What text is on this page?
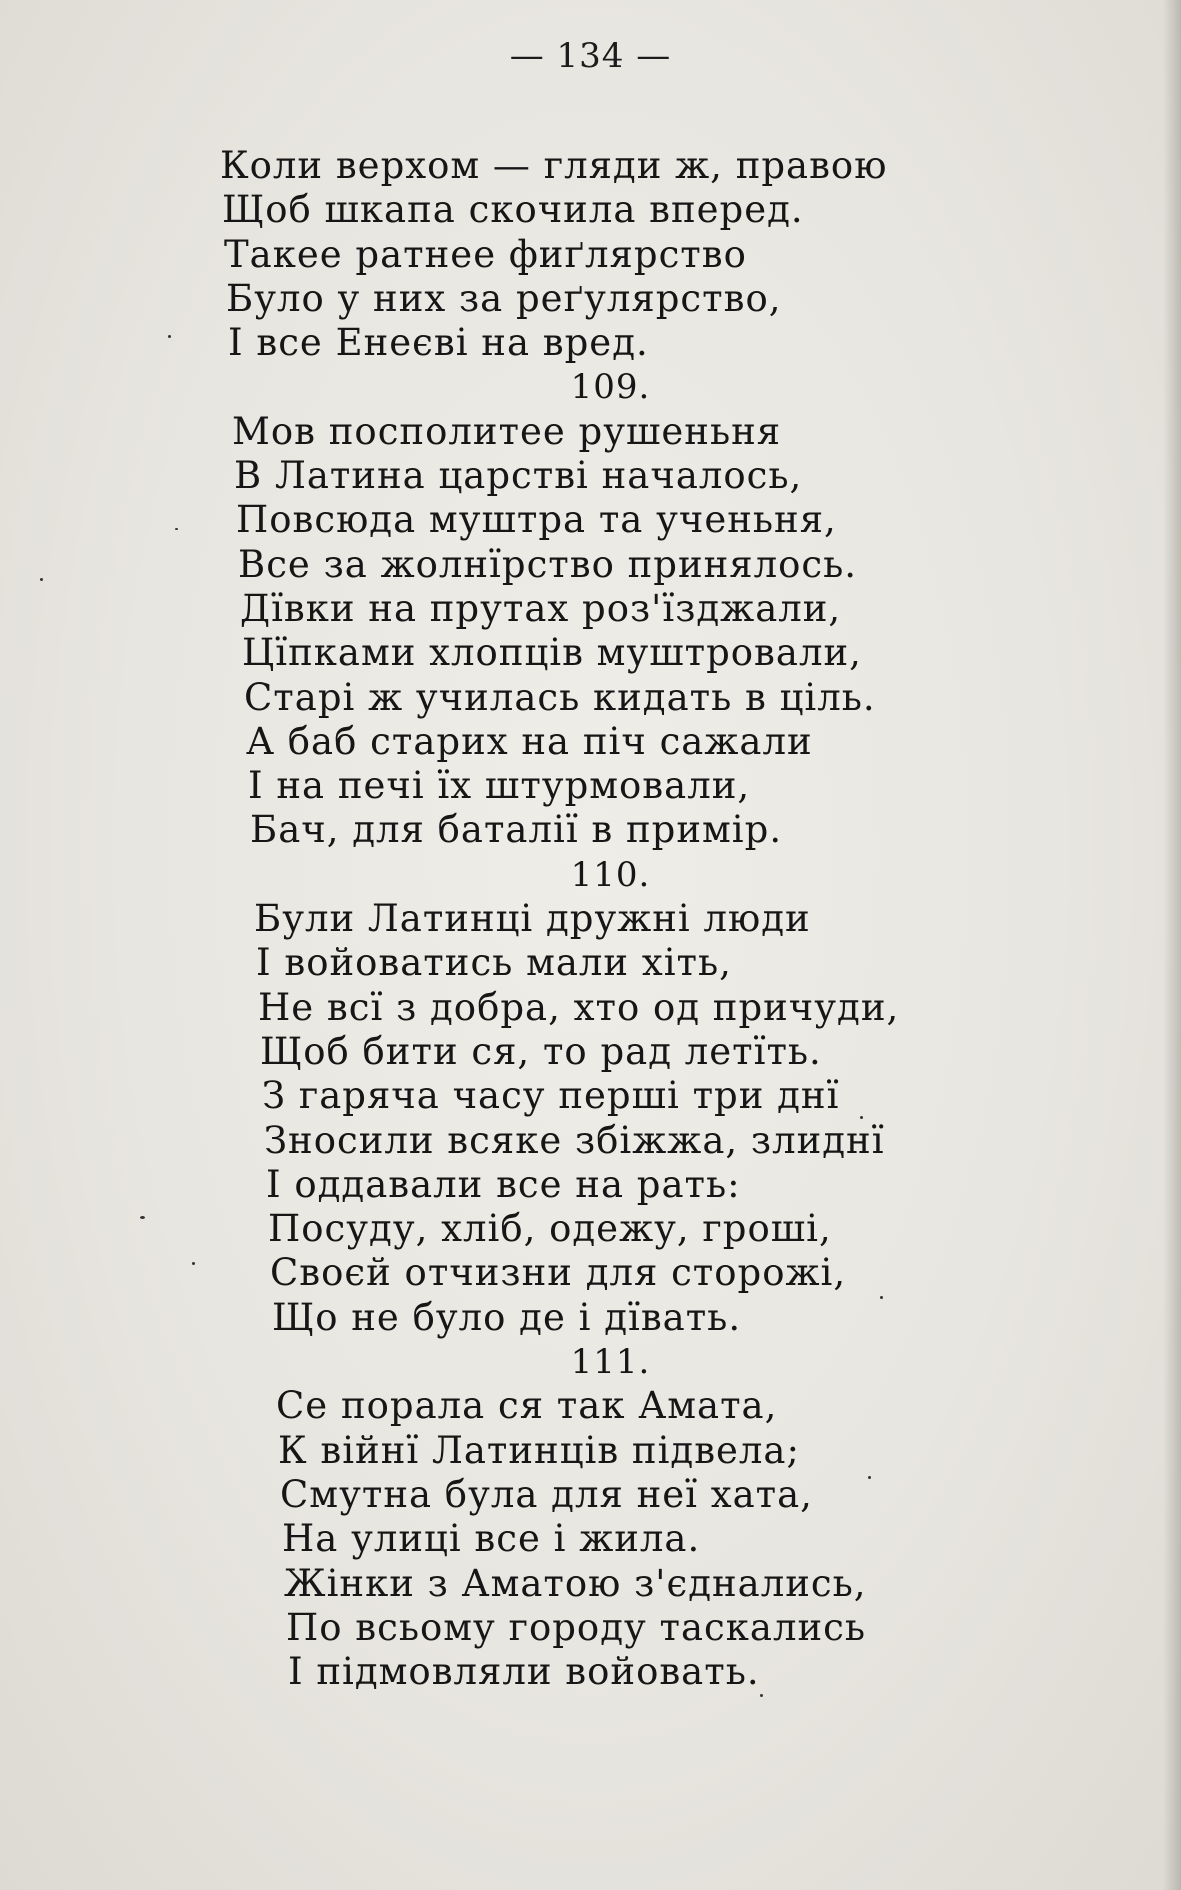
— 134 —
Коли верхом — гляди ж, правою
Щоб шкапа скочила вперед.
Такее ратнее фиґлярство
Було у них за реґулярство,
І все Енеєві на вред.
109.
Мов посполитее рушеньня
В Латина царстві началось,
Повсюда муштра та ученьня,
Все за жолнїрство принялось.
Дївки на прутах роз'їзджали,
Цїпками хлопців муштровали,
Старі ж училась кидать в ціль.
А баб старих на піч сажали
І на печі їх штурмовали,
Бач, для баталії в примір.
110.
Були Латинці дружні люди
І войоватись мали хіть,
Не всї з добра, хто од причуди,
Щоб бити ся, то рад летїть.
З гаряча часу перші три днї
Зносили всяке збіжжа, злиднї
І оддавали все на рать:
Посуду, хліб, одежу, гроші,
Своєй отчизни для сторожі,
Що не було де і дївать.
111.
Се порала ся так Амата,
К війнї Латинців підвела;
Смутна була для неї хата,
На улиці все і жила.
Жінки з Аматою з'єднались,
По всьому городу таскались
І підмовляли войовать.
